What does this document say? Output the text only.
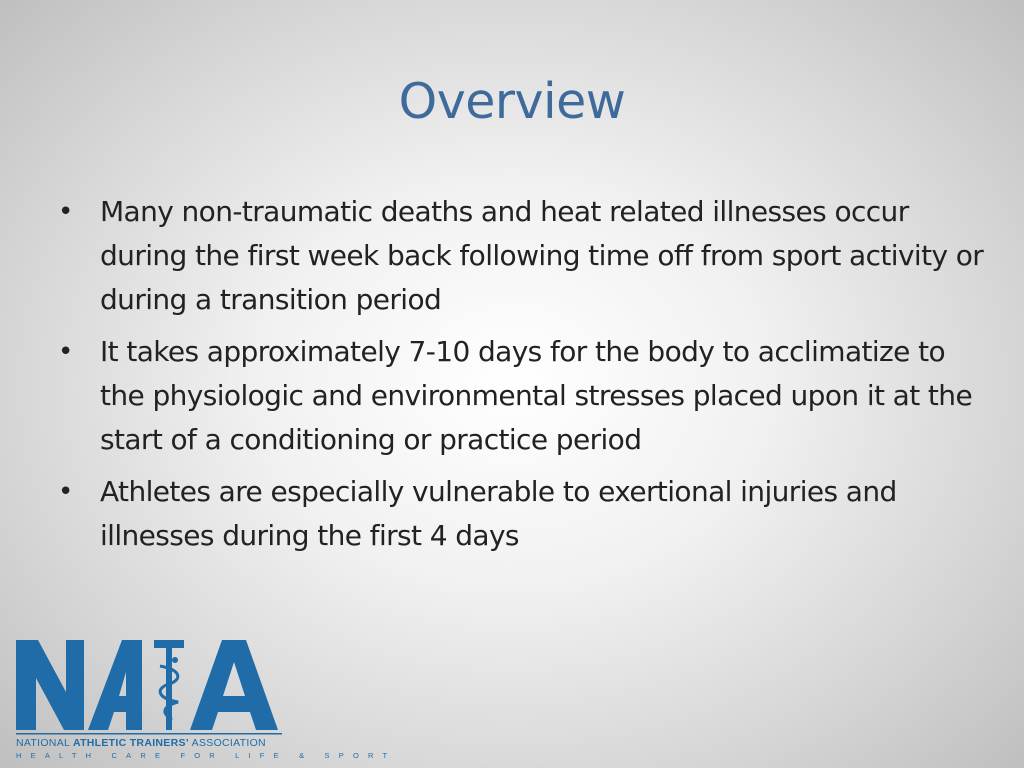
Overview
• Many non-traumatic deaths and heat related illnesses occur during the first week back following time off from sport activity or during a transition period
• It takes approximately 7-10 days for the body to acclimatize to the physiologic and environmental stresses placed upon it at the start of a conditioning or practice period
• Athletes are especially vulnerable to exertional injuries and illnesses during the first 4 days
NATIONAL ATHLETIC TRAINERS’ ASSOCIATION
HEALTH CARE FOR LIFE & SPORT
